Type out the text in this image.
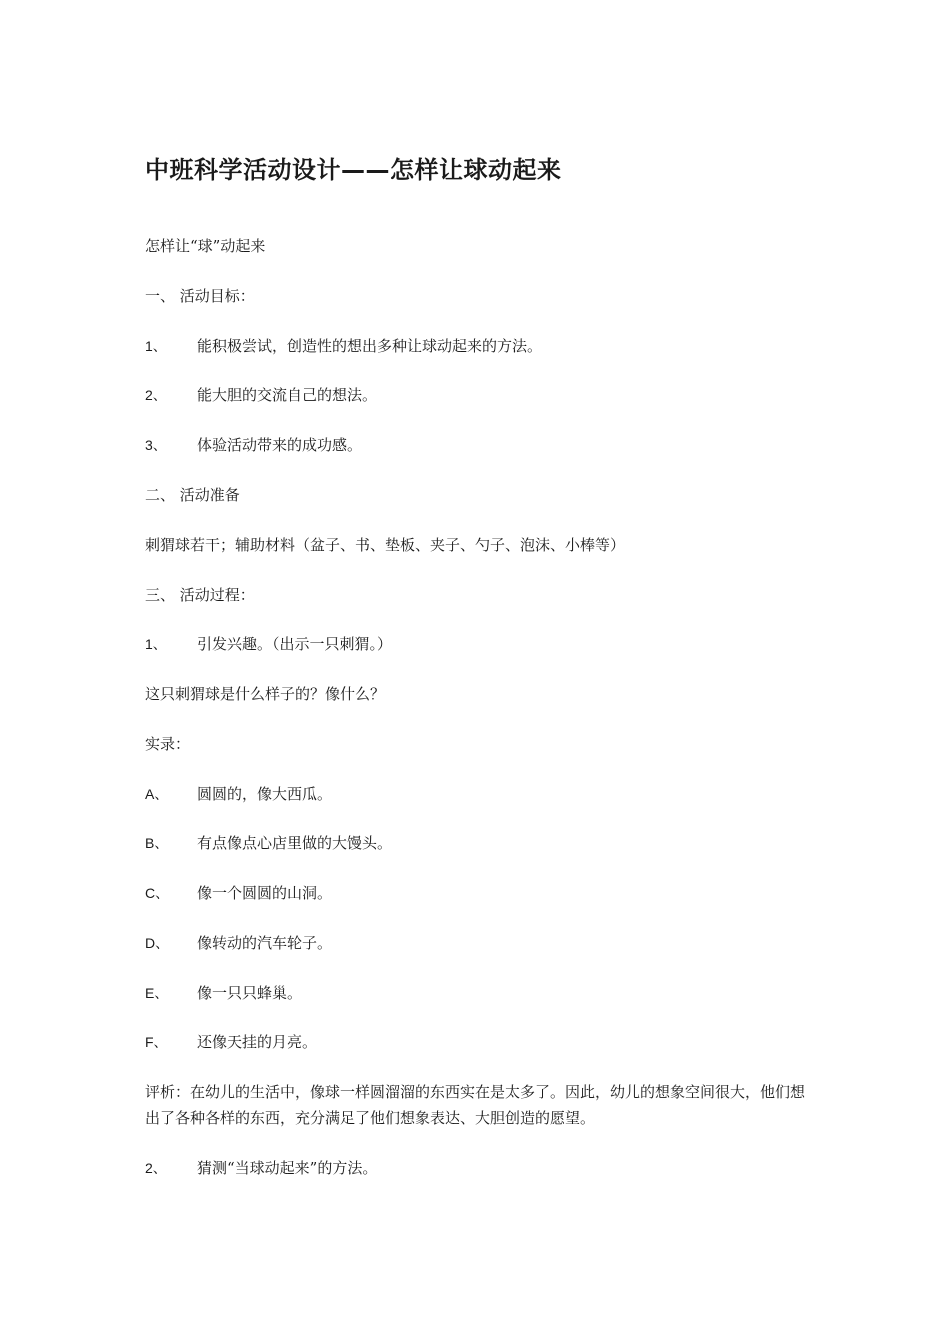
中班科学活动设计——怎样让球动起来
怎样让“球”动起来
一、 活动目标：
1、 能积极尝试，创造性的想出多种让球动起来的方法。
2、 能大胆的交流自己的想法。
3、 体验活动带来的成功感。
二、 活动准备
刺猬球若干；辅助材料（盆子、书、垫板、夹子、勺子、泡沫、小棒等）
三、 活动过程：
1、 引发兴趣。（出示一只刺猬。）
这只刺猬球是什么样子的？像什么？
实录：
A、 圆圆的，像大西瓜。
B、 有点像点心店里做的大馒头。
C、 像一个圆圆的山洞。
D、 像转动的汽车轮子。
E、 像一只只蜂巢。
F、 还像天挂的月亮。
评析：在幼儿的生活中，像球一样圆溜溜的东西实在是太多了。因此，幼儿的想象空间很大，他们想出了各种各样的东西，充分满足了他们想象表达、大胆创造的愿望。
2、 猜测“当球动起来”的方法。
